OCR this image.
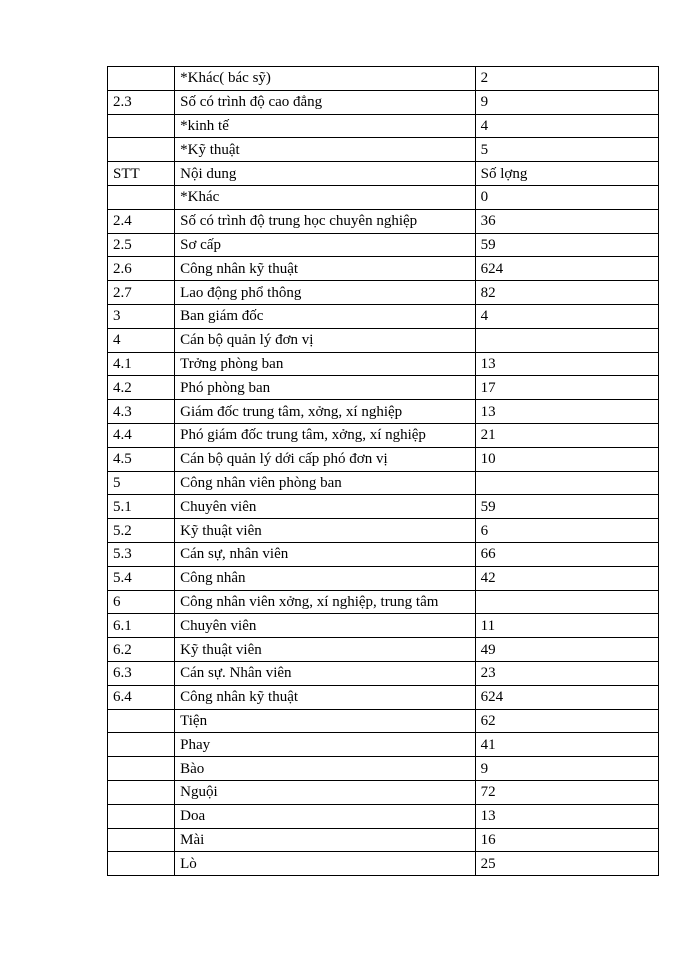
	*Khác( bác sỹ)	2
2.3	Số có trình độ cao đẳng	9
	*kinh tế	4
	*Kỹ thuật	5
STT	Nội dung	Số lợng
	*Khác	0
2.4	Số có trình độ trung học chuyên nghiệp	36
2.5	Sơ cấp	59
2.6	Công nhân kỹ thuật	624
2.7	Lao động phổ thông	82
3	Ban giám đốc	4
4	Cán bộ quản lý đơn vị	
4.1	Trởng phòng ban	13
4.2	Phó phòng ban	17
4.3	Giám đốc trung tâm, xởng, xí nghiệp	13
4.4	Phó giám đốc trung tâm, xởng, xí nghiệp	21
4.5	Cán bộ quản lý dới cấp phó đơn vị	10
5	Công nhân viên phòng ban	
5.1	Chuyên viên	59
5.2	Kỹ thuật viên	6
5.3	Cán sự, nhân viên	66
5.4	Công nhân	42
6	Công nhân viên xởng, xí nghiệp, trung tâm	
6.1	Chuyên viên	11
6.2	Kỹ thuật viên	49
6.3	Cán sự. Nhân viên	23
6.4	Công nhân kỹ thuật	624
	Tiện	62
	Phay	41
	Bào	9
	Nguội	72
	Doa	13
	Mài	16
	Lò	25
